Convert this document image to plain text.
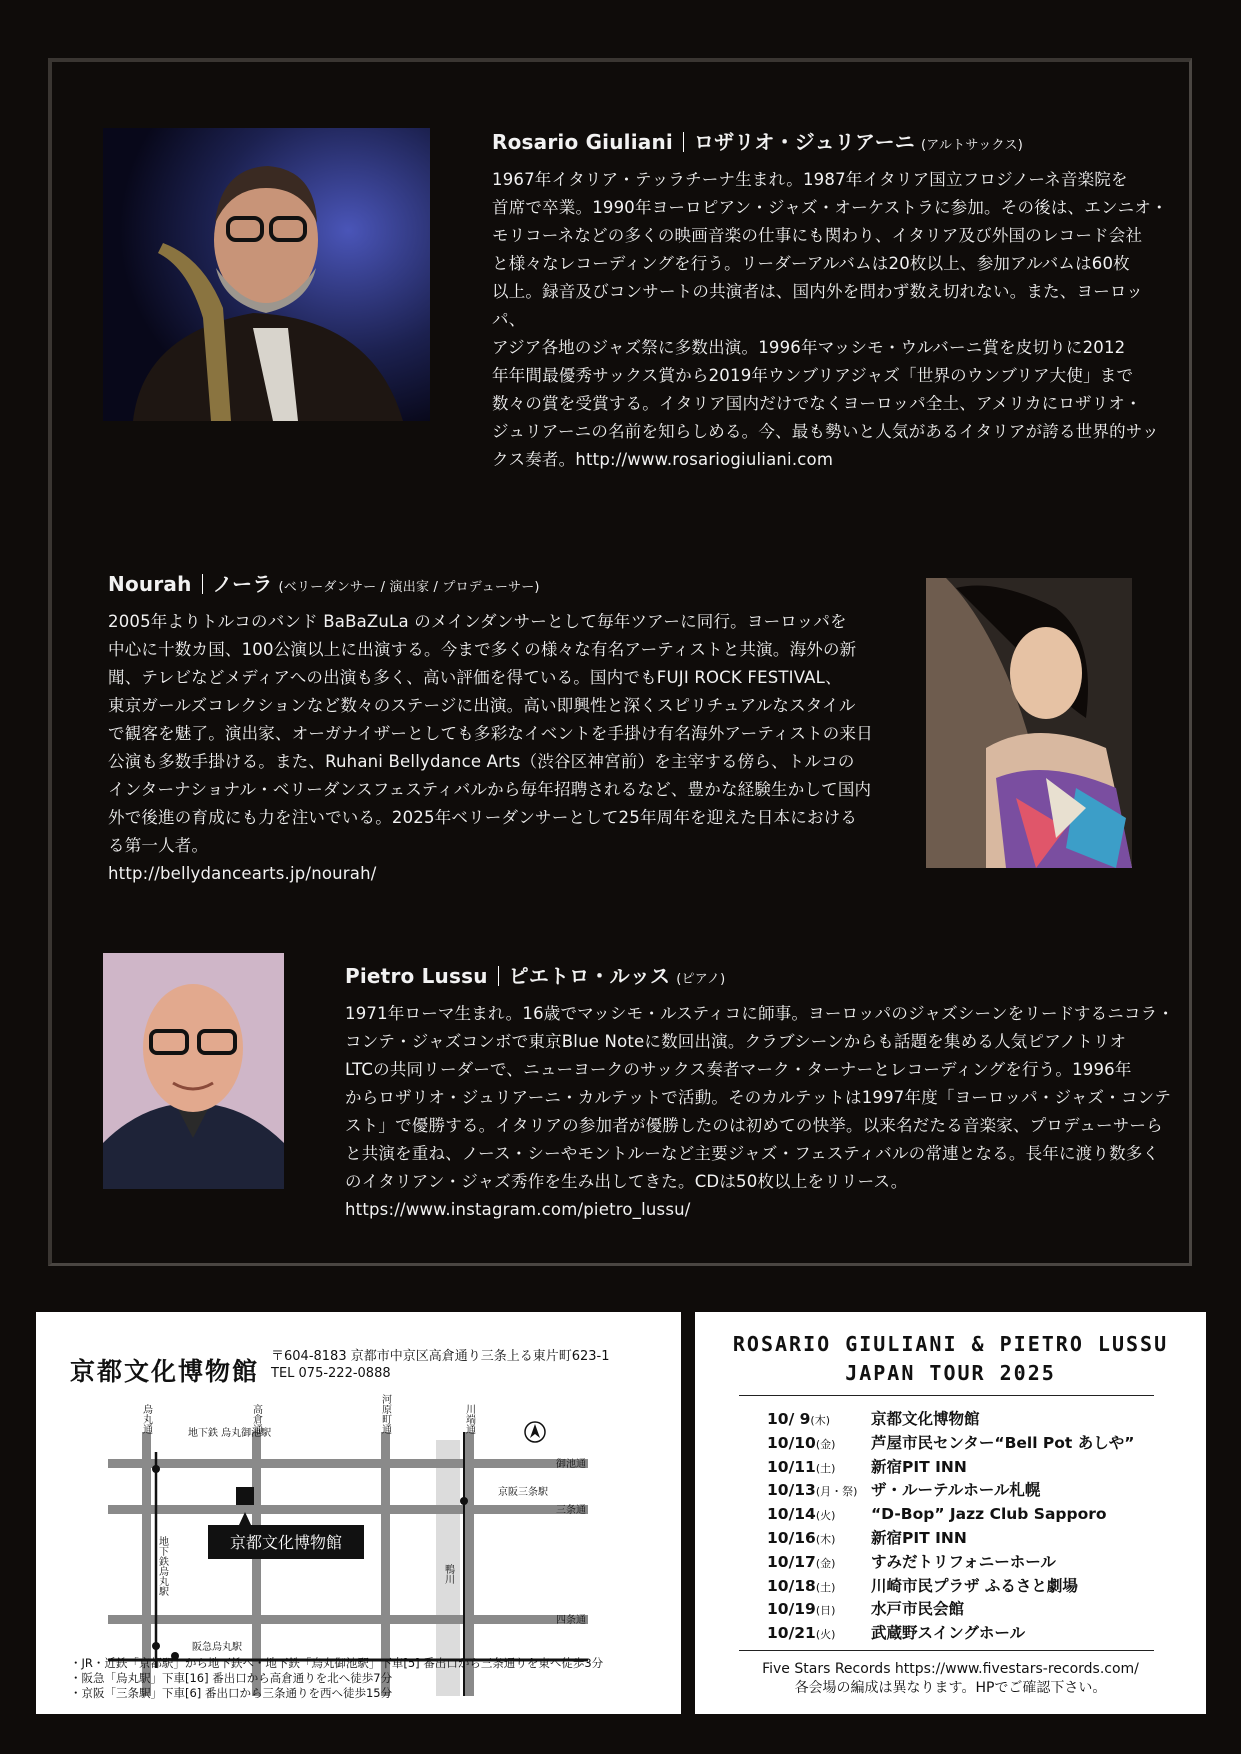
Rosario Giuliani ロザリオ・ジュリアーニ (アルトサックス)

1967年イタリア・テッラチーナ生まれ。1987年イタリア国立フロジノーネ音楽院を

首席で卒業。1990年ヨーロピアン・ジャズ・オーケストラに参加。その後は、エンニオ・

モリコーネなどの多くの映画音楽の仕事にも関わり、イタリア及び外国のレコード会社

と様々なレコーディングを行う。リーダーアルバムは20枚以上、参加アルバムは60枚

以上。録音及びコンサートの共演者は、国内外を問わず数え切れない。また、ヨーロッパ、

アジア各地のジャズ祭に多数出演。1996年マッシモ・ウルバーニ賞を皮切りに2012

年年間最優秀サックス賞から2019年ウンブリアジャズ「世界のウンブリア大使」まで

数々の賞を受賞する。イタリア国内だけでなくヨーロッパ全土、アメリカにロザリオ・

ジュリアーニの名前を知らしめる。今、最も勢いと人気があるイタリアが誇る世界的サッ

クス奏者。http://www.rosariogiuliani.com

Nourah ノーラ (ベリーダンサー / 演出家 / プロデューサー)

2005年よりトルコのバンド BaBaZuLa のメインダンサーとして毎年ツアーに同行。ヨーロッパを

中心に十数カ国、100公演以上に出演する。今まで多くの様々な有名アーティストと共演。海外の新

聞、テレビなどメディアへの出演も多く、高い評価を得ている。国内でもFUJI ROCK FESTIVAL、

東京ガールズコレクションなど数々のステージに出演。高い即興性と深くスピリチュアルなスタイル

で観客を魅了。演出家、オーガナイザーとしても多彩なイベントを手掛け有名海外アーティストの来日

公演も多数手掛ける。また、Ruhani Bellydance Arts（渋谷区神宮前）を主宰する傍ら、トルコの

インターナショナル・ベリーダンスフェスティバルから毎年招聘されるなど、豊かな経験生かして国内

外で後進の育成にも力を注いでいる。2025年ベリーダンサーとして25年周年を迎えた日本における

る第一人者。

http://bellydancearts.jp/nourah/

Pietro Lussu ピエトロ・ルッス (ピアノ)

1971年ローマ生まれ。16歳でマッシモ・ルスティコに師事。ヨーロッパのジャズシーンをリードするニコラ・

コンテ・ジャズコンボで東京Blue Noteに数回出演。クラブシーンからも話題を集める人気ピアノトリオ

LTCの共同リーダーで、ニューヨークのサックス奏者マーク・ターナーとレコーディングを行う。1996年

からロザリオ・ジュリアーニ・カルテットで活動。そのカルテットは1997年度「ヨーロッパ・ジャズ・コンテ

スト」で優勝する。イタリアの参加者が優勝したのは初めての快挙。以来名だたる音楽家、プロデューサーら

と共演を重ね、ノース・シーやモントルーなど主要ジャズ・フェスティバルの常連となる。長年に渡り数多く

のイタリアン・ジャズ秀作を生み出してきた。CDは50枚以上をリリース。

https://www.instagram.com/pietro_lussu/

京都文化博物館
〒604-8183 京都市中京区高倉通り三条上る東片町623-1
TEL 075-222-0888
京都文化博物館
烏丸通	高倉通	河原町通	川端通
御池通
三条通
四条通
地下鉄 烏丸御池駅
京阪三条駅
地下鉄烏丸駅
阪急烏丸駅
鴨川
・JR・近鉄「京都駅」から地下鉄へ・地下鉄「烏丸御池駅」下車[5] 番出口から三条通りを東へ徒歩3分
・阪急「烏丸駅」下車[16] 番出口から高倉通りを北へ徒歩7分
・京阪「三条駅」下車[6] 番出口から三条通りを西へ徒歩15分
ROSARIO GIULIANI & PIETRO LUSSU
JAPAN TOUR 2025
10/ 9(木)	京都文化博物館
10/10(金)	芦屋市民センター“Bell Pot あしや”
10/11(土)	新宿PIT INN
10/13(月・祭) ザ・ルーテルホール札幌
10/14(火)	“D-Bop” Jazz Club Sapporo
10/16(木)	新宿PIT INN
10/17(金)	すみだトリフォニーホール
10/18(土)	川崎市民プラザ ふるさと劇場
10/19(日)	水戸市民会館
10/21(火)	武蔵野スイングホール
Five Stars Records https://www.fivestars-records.com/
各会場の編成は異なります。HPでご確認下さい。
